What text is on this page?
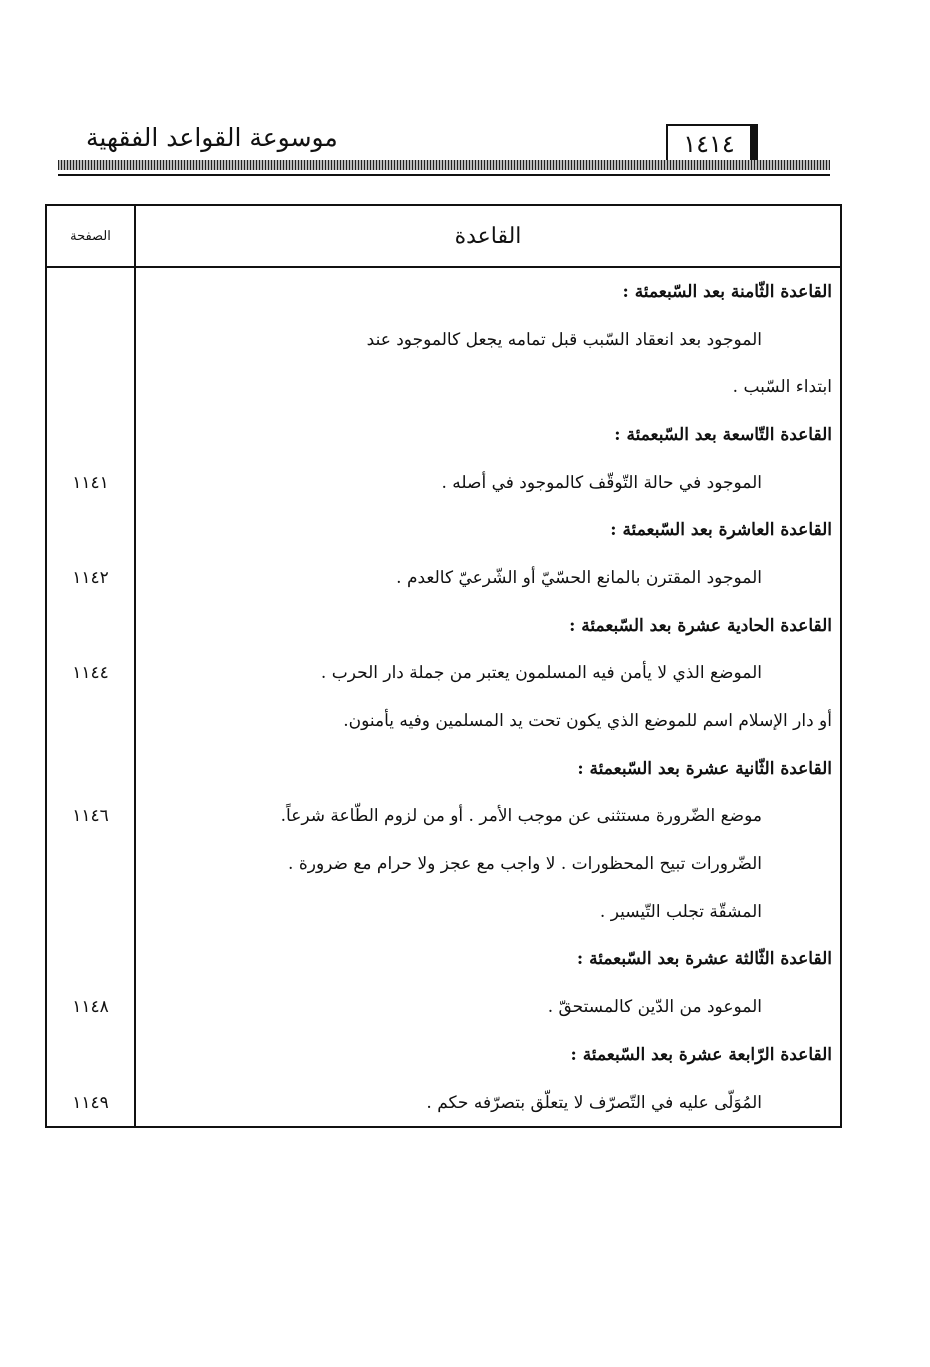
موسوعة القواعد الفقهية	١٤١٤
القاعدة	الصفحة
القاعدة الثّامنة بعد السّبعمئة :	
الموجود بعد انعقاد السّبب قبل تمامه يجعل كالموجود عند	
ابتداء السّبب .	
القاعدة التّاسعة بعد السّبعمئة :	
الموجود في حالة التّوقّف كالموجود في أصله .	١١٤١
القاعدة العاشرة بعد السّبعمئة :	
الموجود المقترن بالمانع الحسّيّ أو الشّرعيّ كالعدم .	١١٤٢
القاعدة الحادية عشرة بعد السّبعمئة :	
الموضع الذي لا يأمن فيه المسلمون يعتبر من جملة دار الحرب .	١١٤٤
أو دار الإسلام اسم للموضع الذي يكون تحت يد المسلمين وفيه يأمنون.	
القاعدة الثّانية عشرة بعد السّبعمئة :	
موضع الضّرورة مستثنى عن موجب الأمر . أو من لزوم الطّاعة شرعاً.	١١٤٦
الضّرورات تبيح المحظورات . لا واجب مع عجز ولا حرام مع ضرورة .	
المشقّة تجلب التّيسير .	
القاعدة الثّالثة عشرة بعد السّبعمئة :	
الموعود من الدّين كالمستحقّ .	١١٤٨
القاعدة الرّابعة عشرة بعد السّبعمئة :	
المُوَلّى عليه في التّصرّف لا يتعلّق بتصرّفه حكم .	١١٤٩
